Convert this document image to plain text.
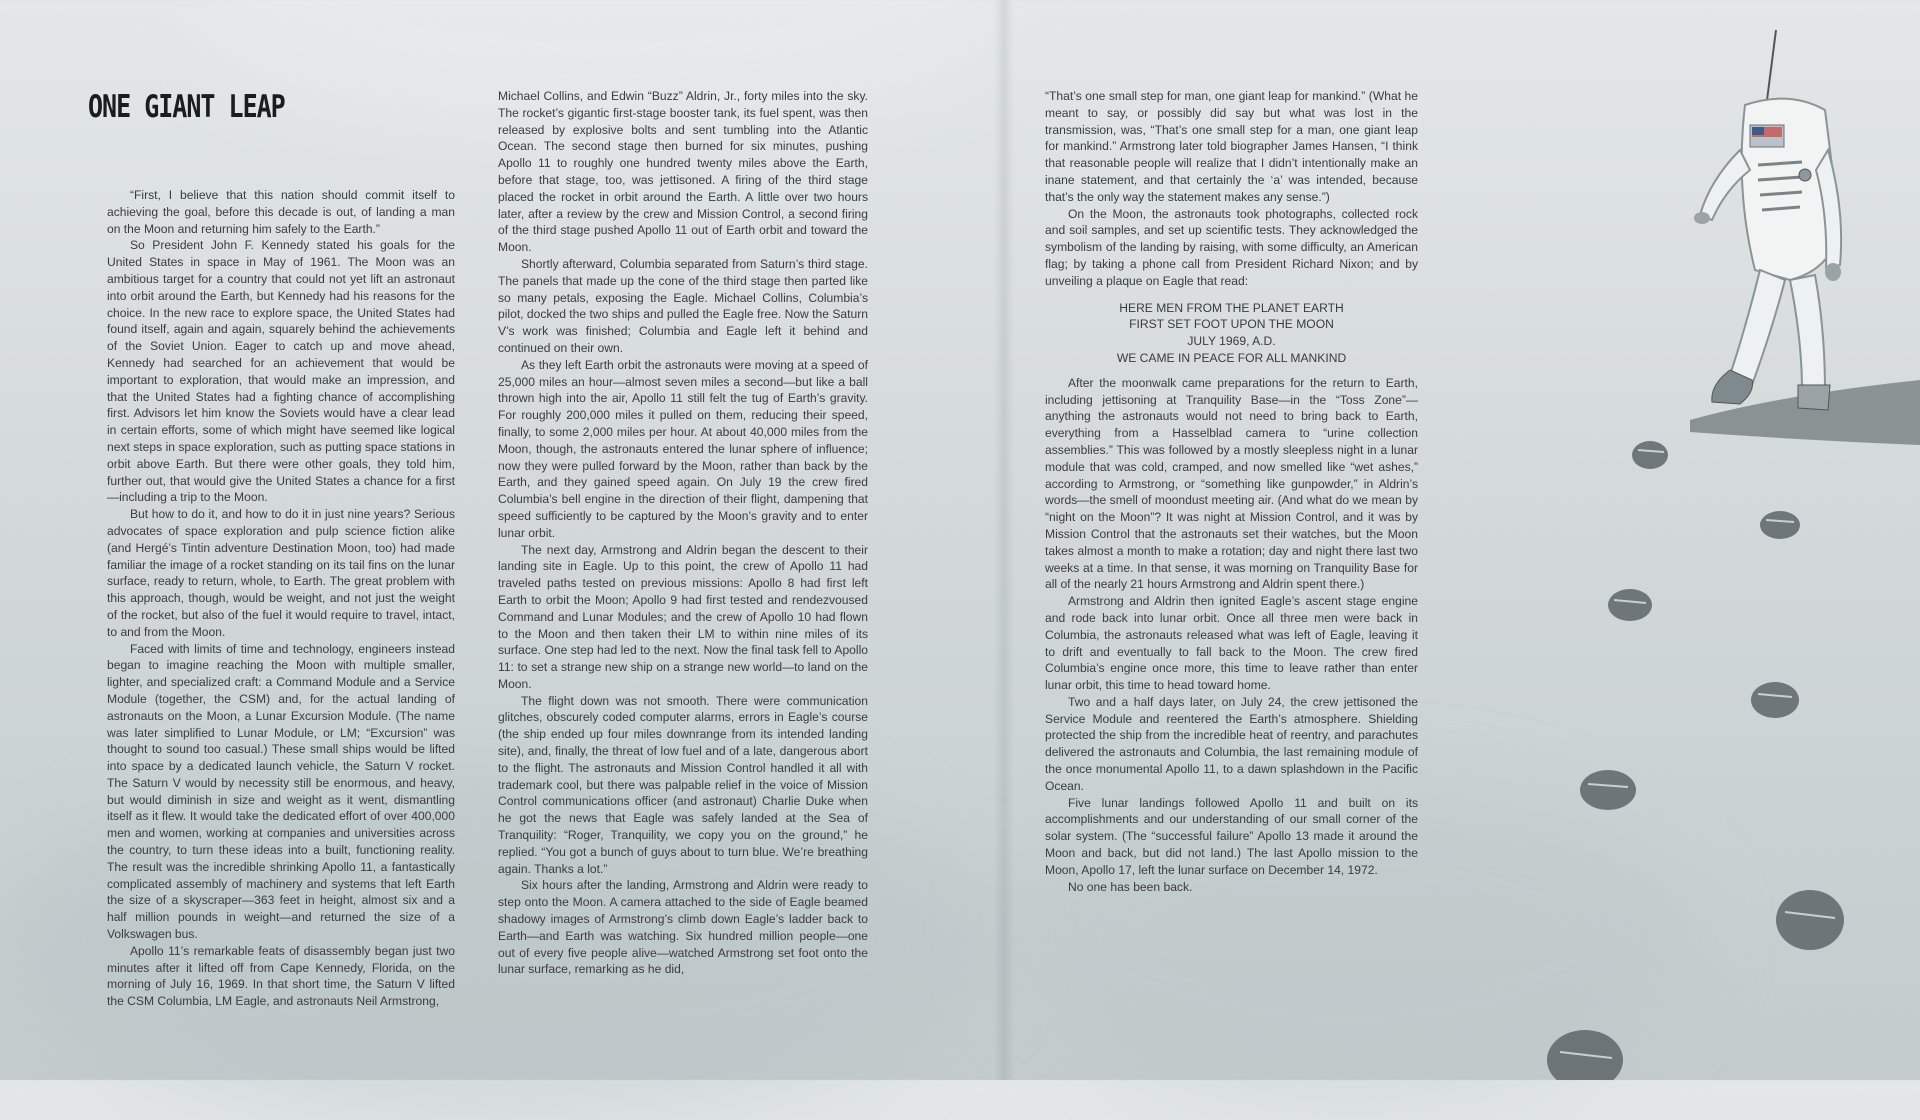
ONE GIANT LEAP

“First, I believe that this nation should commit itself to achieving the goal, before this decade is out, of landing a man on the Moon and returning him safely to the Earth.”

So President John F. Kennedy stated his goals for the United States in space in May of 1961. The Moon was an ambitious target for a country that could not yet lift an astronaut into orbit around the Earth, but Kennedy had his reasons for the choice. In the new race to explore space, the United States had found itself, again and again, squarely behind the achievements of the Soviet Union. Eager to catch up and move ahead, Kennedy had searched for an achievement that would be important to exploration, that would make an impression, and that the United States had a fighting chance of accomplishing first. Advisors let him know the Soviets would have a clear lead in certain efforts, some of which might have seemed like logical next steps in space exploration, such as putting space stations in orbit above Earth. But there were other goals, they told him, further out, that would give the United States a chance for a first—including a trip to the Moon.

But how to do it, and how to do it in just nine years? Serious advocates of space exploration and pulp science fiction alike (and Hergé’s Tintin adventure Destination Moon, too) had made familiar the image of a rocket standing on its tail fins on the lunar surface, ready to return, whole, to Earth. The great problem with this approach, though, would be weight, and not just the weight of the rocket, but also of the fuel it would require to travel, intact, to and from the Moon.

Faced with limits of time and technology, engineers instead began to imagine reaching the Moon with multiple smaller, lighter, and specialized craft: a Command Module and a Service Module (together, the CSM) and, for the actual landing of astronauts on the Moon, a Lunar Excursion Module. (The name was later simplified to Lunar Module, or LM; “Excursion” was thought to sound too casual.) These small ships would be lifted into space by a dedicated launch vehicle, the Saturn V rocket. The Saturn V would by necessity still be enormous, and heavy, but would diminish in size and weight as it went, dismantling itself as it flew. It would take the dedicated effort of over 400,000 men and women, working at companies and universities across the country, to turn these ideas into a built, functioning reality. The result was the incredible shrinking Apollo 11, a fantastically complicated assembly of machinery and systems that left Earth the size of a skyscraper—363 feet in height, almost six and a half million pounds in weight—and returned the size of a Volkswagen bus.

Apollo 11’s remarkable feats of disassembly began just two minutes after it lifted off from Cape Kennedy, Florida, on the morning of July 16, 1969. In that short time, the Saturn V lifted the CSM Columbia, LM Eagle, and astronauts Neil Armstrong,

Michael Collins, and Edwin “Buzz” Aldrin, Jr., forty miles into the sky. The rocket’s gigantic first-stage booster tank, its fuel spent, was then released by explosive bolts and sent tumbling into the Atlantic Ocean. The second stage then burned for six minutes, pushing Apollo 11 to roughly one hundred twenty miles above the Earth, before that stage, too, was jettisoned. A firing of the third stage placed the rocket in orbit around the Earth. A little over two hours later, after a review by the crew and Mission Control, a second firing of the third stage pushed Apollo 11 out of Earth orbit and toward the Moon.

Shortly afterward, Columbia separated from Saturn’s third stage. The panels that made up the cone of the third stage then parted like so many petals, exposing the Eagle. Michael Collins, Columbia’s pilot, docked the two ships and pulled the Eagle free. Now the Saturn V’s work was finished; Columbia and Eagle left it behind and continued on their own.

As they left Earth orbit the astronauts were moving at a speed of 25,000 miles an hour—almost seven miles a second—but like a ball thrown high into the air, Apollo 11 still felt the tug of Earth’s gravity. For roughly 200,000 miles it pulled on them, reducing their speed, finally, to some 2,000 miles per hour. At about 40,000 miles from the Moon, though, the astronauts entered the lunar sphere of influence; now they were pulled forward by the Moon, rather than back by the Earth, and they gained speed again. On July 19 the crew fired Columbia’s bell engine in the direction of their flight, dampening that speed sufficiently to be captured by the Moon’s gravity and to enter lunar orbit.

The next day, Armstrong and Aldrin began the descent to their landing site in Eagle. Up to this point, the crew of Apollo 11 had traveled paths tested on previous missions: Apollo 8 had first left Earth to orbit the Moon; Apollo 9 had first tested and rendezvoused Command and Lunar Modules; and the crew of Apollo 10 had flown to the Moon and then taken their LM to within nine miles of its surface. One step had led to the next. Now the final task fell to Apollo 11: to set a strange new ship on a strange new world—to land on the Moon.

The flight down was not smooth. There were communication glitches, obscurely coded computer alarms, errors in Eagle’s course (the ship ended up four miles downrange from its intended landing site), and, finally, the threat of low fuel and of a late, dangerous abort to the flight. The astronauts and Mission Control handled it all with trademark cool, but there was palpable relief in the voice of Mission Control communications officer (and astronaut) Charlie Duke when he got the news that Eagle was safely landed at the Sea of Tranquility: “Roger, Tranquility, we copy you on the ground,” he replied. “You got a bunch of guys about to turn blue. We’re breathing again. Thanks a lot.”

Six hours after the landing, Armstrong and Aldrin were ready to step onto the Moon. A camera attached to the side of Eagle beamed shadowy images of Armstrong’s climb down Eagle’s ladder back to Earth—and Earth was watching. Six hundred million people—one out of every five people alive—watched Armstrong set foot onto the lunar surface, remarking as he did,

“That’s one small step for man, one giant leap for mankind.” (What he meant to say, or possibly did say but what was lost in the transmission, was, “That’s one small step for a man, one giant leap for mankind.” Armstrong later told biographer James Hansen, “I think that reasonable people will realize that I didn’t intentionally make an inane statement, and that certainly the ‘a’ was intended, because that’s the only way the statement makes any sense.”)

On the Moon, the astronauts took photographs, collected rock and soil samples, and set up scientific tests. They acknowledged the symbolism of the landing by raising, with some difficulty, an American flag; by taking a phone call from President Richard Nixon; and by unveiling a plaque on Eagle that read:

HERE MEN FROM THE PLANET EARTH
FIRST SET FOOT UPON THE MOON
JULY 1969, A.D.
WE CAME IN PEACE FOR ALL MANKIND

After the moonwalk came preparations for the return to Earth, including jettisoning at Tranquility Base—in the “Toss Zone”—anything the astronauts would not need to bring back to Earth, everything from a Hasselblad camera to “urine collection assemblies.” This was followed by a mostly sleepless night in a lunar module that was cold, cramped, and now smelled like “wet ashes,” according to Armstrong, or “something like gunpowder,” in Aldrin’s words—the smell of moondust meeting air. (And what do we mean by “night on the Moon”? It was night at Mission Control, and it was by Mission Control that the astronauts set their watches, but the Moon takes almost a month to make a rotation; day and night there last two weeks at a time. In that sense, it was morning on Tranquility Base for all of the nearly 21 hours Armstrong and Aldrin spent there.)

Armstrong and Aldrin then ignited Eagle’s ascent stage engine and rode back into lunar orbit. Once all three men were back in Columbia, the astronauts released what was left of Eagle, leaving it to drift and eventually to fall back to the Moon. The crew fired Columbia’s engine once more, this time to leave rather than enter lunar orbit, this time to head toward home.

Two and a half days later, on July 24, the crew jettisoned the Service Module and reentered the Earth’s atmosphere. Shielding protected the ship from the incredible heat of reentry, and parachutes delivered the astronauts and Columbia, the last remaining module of the once monumental Apollo 11, to a dawn splashdown in the Pacific Ocean.

Five lunar landings followed Apollo 11 and built on its accomplishments and our understanding of our small corner of the solar system. (The “successful failure” Apollo 13 made it around the Moon and back, but did not land.) The last Apollo mission to the Moon, Apollo 17, left the lunar surface on December 14, 1972.

No one has been back.
